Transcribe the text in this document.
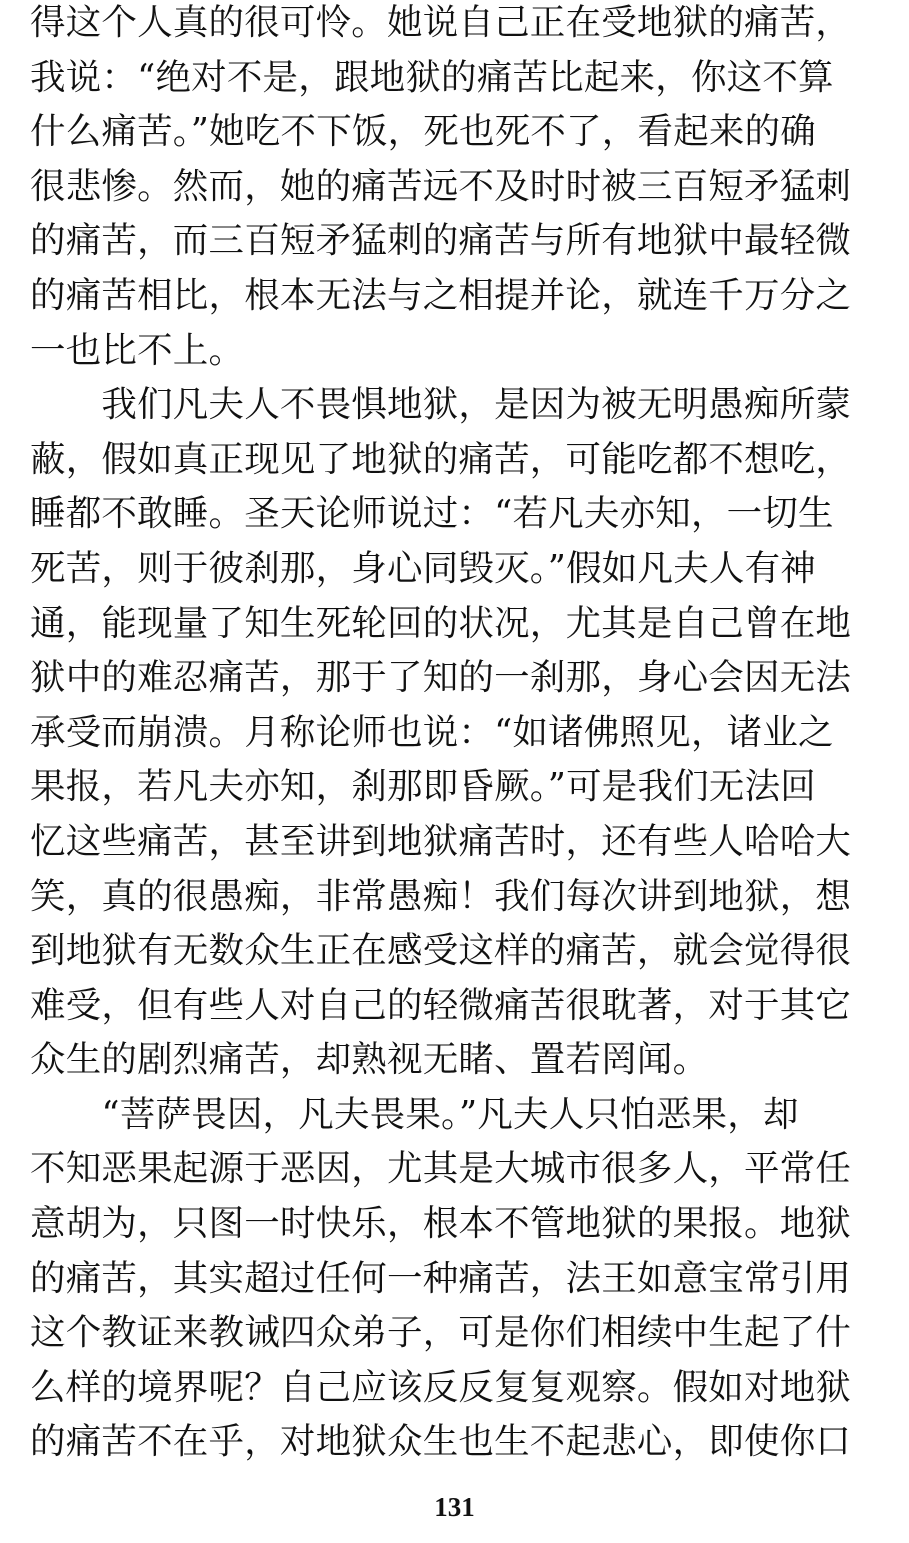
得这个人真的很可怜。她说自己正在受地狱的痛苦，
我说：“绝对不是，跟地狱的痛苦比起来，你这不算
什么痛苦。”她吃不下饭，死也死不了，看起来的确
很悲惨。然而，她的痛苦远不及时时被三百短矛猛刺
的痛苦，而三百短矛猛刺的痛苦与所有地狱中最轻微
的痛苦相比，根本无法与之相提并论，就连千万分之
一也比不上。
　　我们凡夫人不畏惧地狱，是因为被无明愚痴所蒙
蔽，假如真正现见了地狱的痛苦，可能吃都不想吃，
睡都不敢睡。圣天论师说过：“若凡夫亦知，一切生
死苦，则于彼刹那，身心同毁灭。”假如凡夫人有神
通，能现量了知生死轮回的状况，尤其是自己曾在地
狱中的难忍痛苦，那于了知的一刹那，身心会因无法
承受而崩溃。月称论师也说：“如诸佛照见，诸业之
果报，若凡夫亦知，刹那即昏厥。”可是我们无法回
忆这些痛苦，甚至讲到地狱痛苦时，还有些人哈哈大
笑，真的很愚痴，非常愚痴！我们每次讲到地狱，想
到地狱有无数众生正在感受这样的痛苦，就会觉得很
难受，但有些人对自己的轻微痛苦很耽著，对于其它
众生的剧烈痛苦，却熟视无睹、置若罔闻。
　　“菩萨畏因，凡夫畏果。”凡夫人只怕恶果，却
不知恶果起源于恶因，尤其是大城市很多人，平常任
意胡为，只图一时快乐，根本不管地狱的果报。地狱
的痛苦，其实超过任何一种痛苦，法王如意宝常引用
这个教证来教诫四众弟子，可是你们相续中生起了什
么样的境界呢？自己应该反反复复观察。假如对地狱
的痛苦不在乎，对地狱众生也生不起悲心，即使你口
131
